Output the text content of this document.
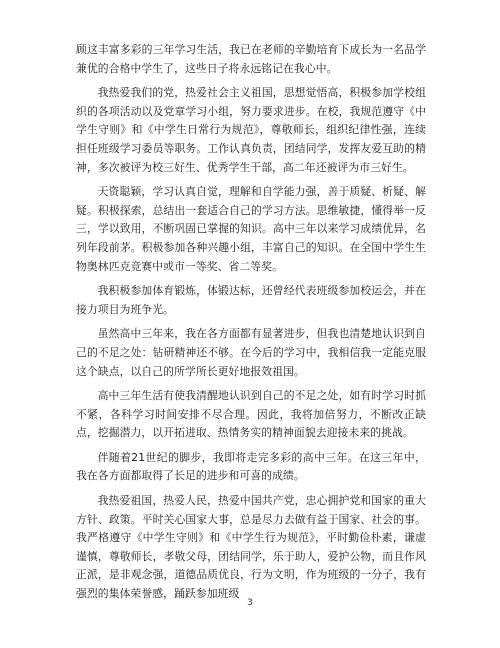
顾这丰富多彩的三年学习生活，我已在老师的辛勤培育下成长为一名品学兼优的合格中学生了，这些日子将永远铭记在我心中。

我热爱我们的党，热爱社会主义祖国，思想觉悟高，积极参加学校组织的各项活动以及党章学习小组，努力要求进步。在校，我规范遵守《中学生守则》和《中学生日常行为规范》，尊敬师长，组织纪律性强，连续担任班级学习委员等职务。工作认真负责，团结同学，发挥友爱互助的精神，多次被评为校三好生、优秀学生干部，高二年还被评为市三好生。

天资聪颖，学习认真自觉，理解和自学能力强，善于质疑、析疑、解疑。积极探索，总结出一套适合自己的学习方法。思维敏捷，懂得举一反三，学以致用，不断巩固已掌握的知识。高中三年以来学习成绩优异，名列年段前茅。积极参加各种兴趣小组，丰富自己的知识。在全国中学生生物奥林匹克竞赛中或市一等奖、省二等奖。

我积极参加体育锻炼，体锻达标，还曾经代表班级参加校运会，并在接力项目为班争光。

虽然高中三年来，我在各方面都有显著进步，但我也清楚地认识到自己的不足之处：钻研精神还不够。在今后的学习中，我相信我一定能克服这个缺点，以自己的所学所长更好地报效祖国。

高中三年生活有使我清醒地认识到自己的不足之处，如有时学习时抓不紧，各科学习时间安排不尽合理。因此，我将加倍努力，不断改正缺点，挖掘潜力，以开拓进取、热情务实的精神面貌去迎接未来的挑战。

伴随着21世纪的脚步，我即将走完多彩的高中三年。在这三年中，我在各方面都取得了长足的进步和可喜的成绩。

我热爱祖国，热爱人民，热爱中国共产党，忠心拥护党和国家的重大方针、政策。平时关心国家大事，总是尽力去做有益于国家、社会的事。我严格遵守《中学生守则》和《中学生行为规范》，平时勤俭朴素，谦虚谨慎，尊敬师长，孝敬父母，团结同学，乐于助人，爱护公物，而且作风正派，是非观念强，道德品质优良，行为文明，作为班级的一分子，我有强烈的集体荣誉感，踊跃参加班级

3
